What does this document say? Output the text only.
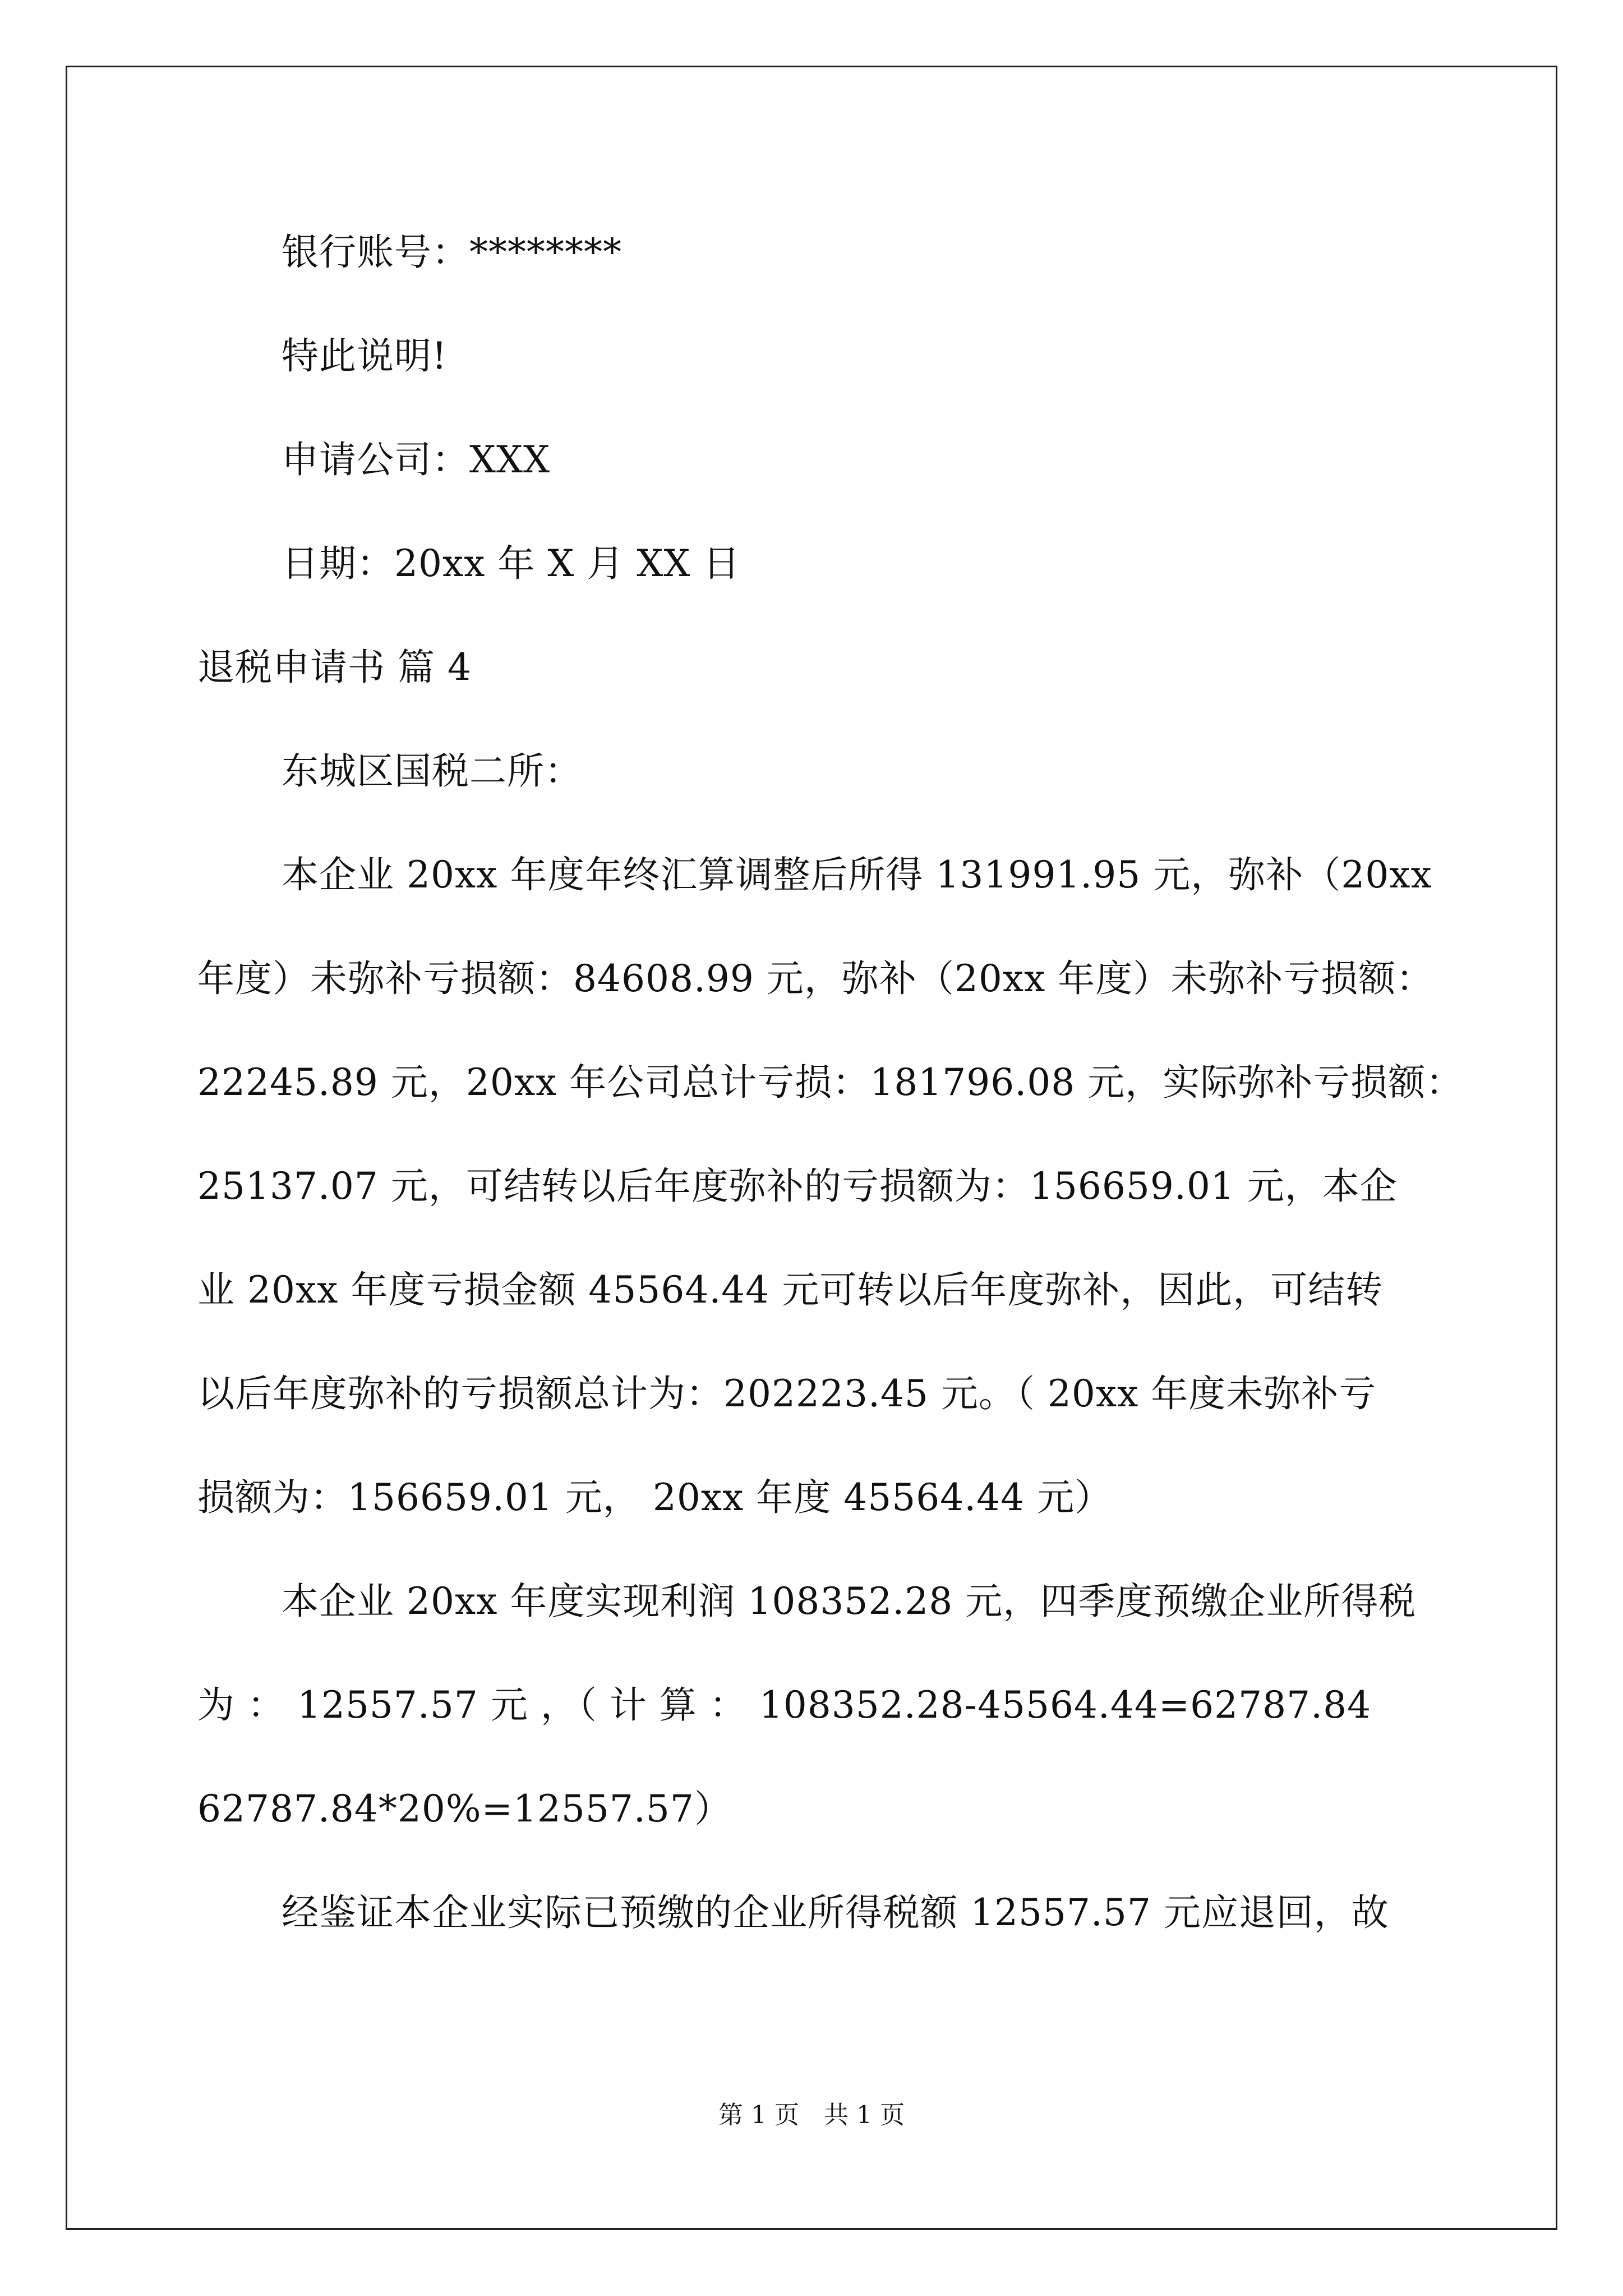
银行账号：********
特此说明!
申请公司：XXX
日期：20xx 年 X 月 XX 日
退税申请书 篇 4
东城区国税二所：
本企业 20xx 年度年终汇算调整后所得 131991.95 元，弥补（20xx
年度）未弥补亏损额：84608.99 元，弥补（20xx 年度）未弥补亏损额：
22245.89 元，20xx 年公司总计亏损：181796.08 元，实际弥补亏损额：
25137.07 元，可结转以后年度弥补的亏损额为：156659.01 元，本企
业 20xx 年度亏损金额 45564.44 元可转以后年度弥补，因此，可结转
以后年度弥补的亏损额总计为：202223.45 元。（ 20xx 年度未弥补亏
损额为：156659.01 元， 20xx 年度 45564.44 元）
本企业 20xx 年度实现利润 108352.28 元，四季度预缴企业所得税
为 ： 12557.57 元 ，（ 计 算 ： 108352.28-45564.44=62787.84
62787.84*20%=12557.57）
经鉴证本企业实际已预缴的企业所得税额 12557.57 元应退回，故
第 1 页　共 1 页
